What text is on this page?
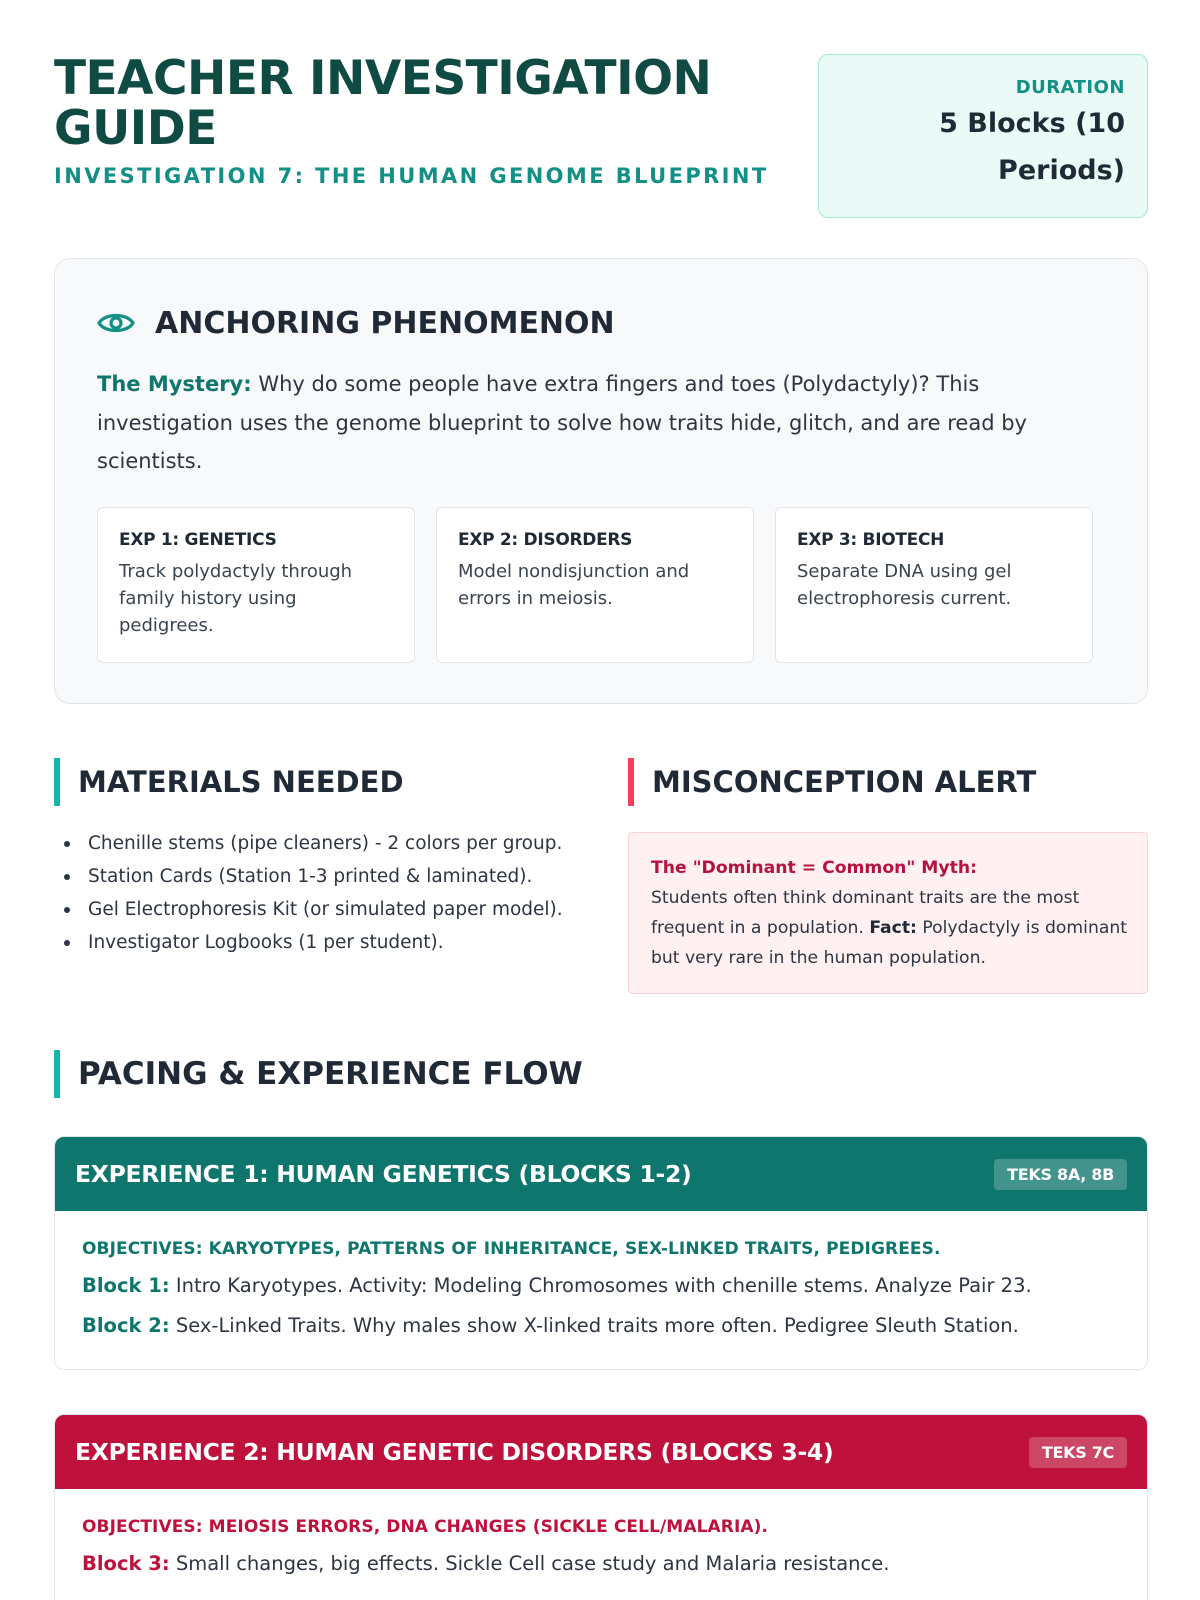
TEACHER INVESTIGATION GUIDE
INVESTIGATION 7: THE HUMAN GENOME BLUEPRINT
DURATION
5 Blocks (10 Periods)
ANCHORING PHENOMENON

The Mystery: Why do some people have extra fingers and toes (Polydactyly)? This investigation uses the genome blueprint to solve how traits hide, glitch, and are read by scientists.

EXP 1: GENETICS
Track polydactyly through family history using pedigrees.
EXP 2: DISORDERS
Model nondisjunction and errors in meiosis.
EXP 3: BIOTECH
Separate DNA using gel electrophoresis current.
MATERIALS NEEDED
Chenille stems (pipe cleaners) - 2 colors per group.
Station Cards (Station 1-3 printed & laminated).
Gel Electrophoresis Kit (or simulated paper model).
Investigator Logbooks (1 per student).
MISCONCEPTION ALERT
The "Dominant = Common" Myth:
Students often think dominant traits are the most frequent in a population. Fact: Polydactyly is dominant but very rare in the human population.
PACING & EXPERIENCE FLOW
EXPERIENCE 1: HUMAN GENETICS (BLOCKS 1-2)	TEKS 8A, 8B
OBJECTIVES: KARYOTYPES, PATTERNS OF INHERITANCE, SEX-LINKED TRAITS, PEDIGREES.
Block 1: Intro Karyotypes. Activity: Modeling Chromosomes with chenille stems. Analyze Pair 23.
Block 2: Sex-Linked Traits. Why males show X-linked traits more often. Pedigree Sleuth Station.
EXPERIENCE 2: HUMAN GENETIC DISORDERS (BLOCKS 3-4)	TEKS 7C
OBJECTIVES: MEIOSIS ERRORS, DNA CHANGES (SICKLE CELL/MALARIA).
Block 3: Small changes, big effects. Sickle Cell case study and Malaria resistance.
